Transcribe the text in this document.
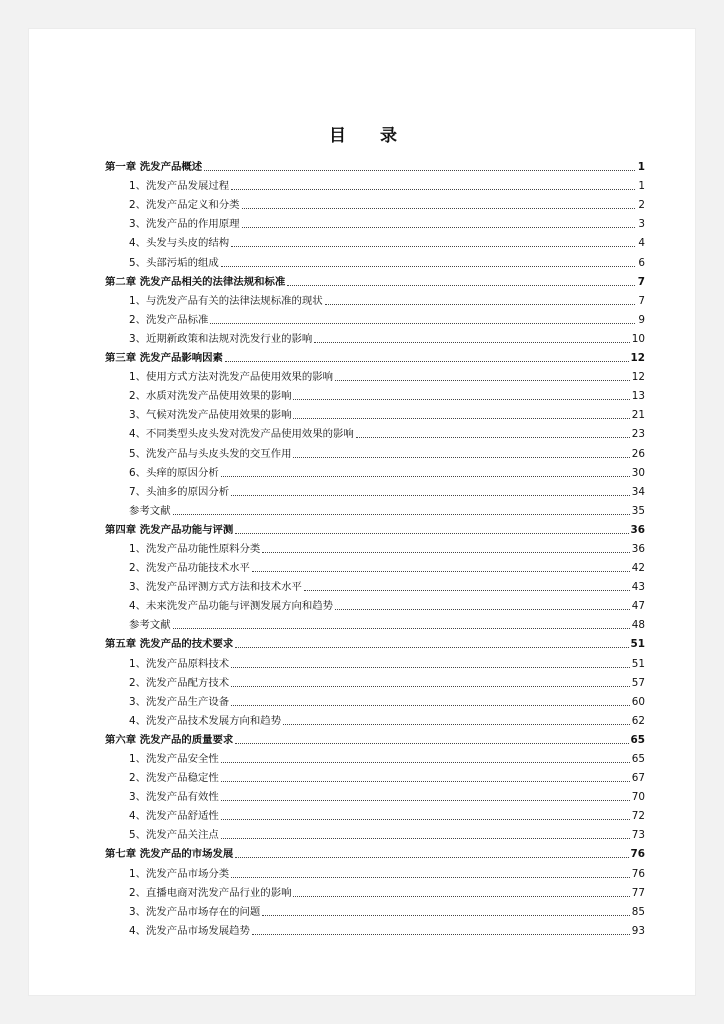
目 录
第一章 洗发产品概述	1
1、洗发产品发展过程	1
2、洗发产品定义和分类	2
3、洗发产品的作用原理	3
4、头发与头皮的结构	4
5、头部污垢的组成	6
第二章 洗发产品相关的法律法规和标准	7
1、与洗发产品有关的法律法规标准的现状	7
2、洗发产品标准	9
3、近期新政策和法规对洗发行业的影响	10
第三章 洗发产品影响因素	12
1、使用方式方法对洗发产品使用效果的影响	12
2、水质对洗发产品使用效果的影响	13
3、气候对洗发产品使用效果的影响	21
4、不同类型头皮头发对洗发产品使用效果的影响	23
5、洗发产品与头皮头发的交互作用	26
6、头痒的原因分析	30
7、头油多的原因分析	34
参考文献	35
第四章 洗发产品功能与评测	36
1、洗发产品功能性原料分类	36
2、洗发产品功能技术水平	42
3、洗发产品评测方式方法和技术水平	43
4、未来洗发产品功能与评测发展方向和趋势	47
参考文献	48
第五章 洗发产品的技术要求	51
1、洗发产品原料技术	51
2、洗发产品配方技术	57
3、洗发产品生产设备	60
4、洗发产品技术发展方向和趋势	62
第六章 洗发产品的质量要求	65
1、洗发产品安全性	65
2、洗发产品稳定性	67
3、洗发产品有效性	70
4、洗发产品舒适性	72
5、洗发产品关注点	73
第七章 洗发产品的市场发展	76
1、洗发产品市场分类	76
2、直播电商对洗发产品行业的影响	77
3、洗发产品市场存在的问题	85
4、洗发产品市场发展趋势	93
